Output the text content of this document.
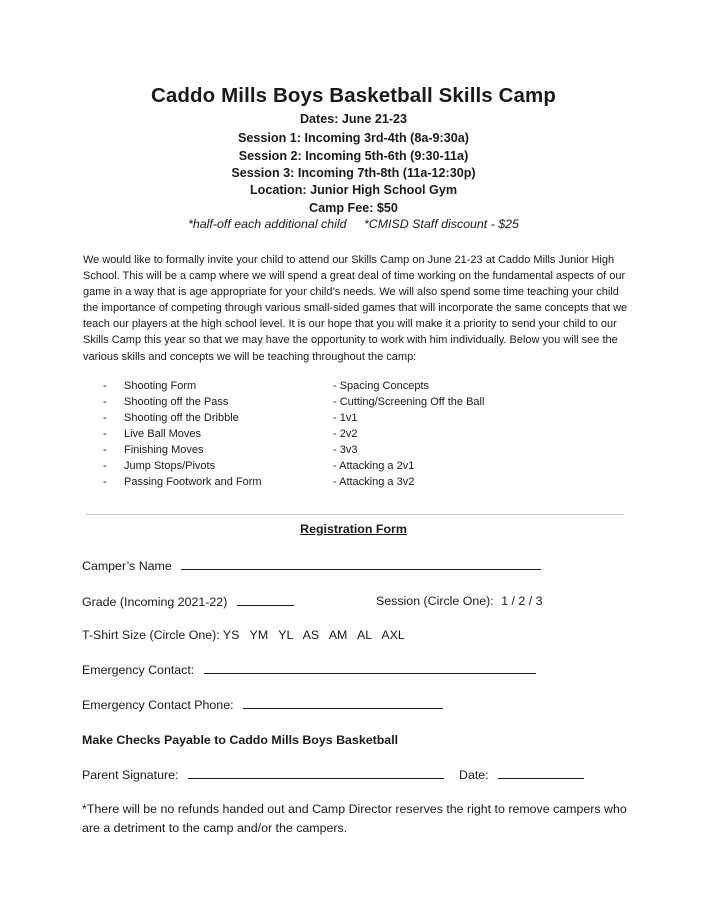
Caddo Mills Boys Basketball Skills Camp
Dates: June 21-23
Session 1: Incoming 3rd-4th (8a-9:30a)
Session 2: Incoming 5th-6th (9:30-11a)
Session 3: Incoming 7th-8th (11a-12:30p)
Location: Junior High School Gym
Camp Fee: $50
*half-off each additional child *CMISD Staff discount - $25
We would like to formally invite your child to attend our Skills Camp on June 21-23 at Caddo Mills Junior High School. This will be a camp where we will spend a great deal of time working on the fundamental aspects of our game in a way that is age appropriate for your child’s needs. We will also spend some time teaching your child the importance of competing through various small-sided games that will incorporate the same concepts that we teach our players at the high school level. It is our hope that you will make it a priority to send your child to our Skills Camp this year so that we may have the opportunity to work with him individually. Below you will see the various skills and concepts we will be teaching throughout the camp:
- Shooting Form
- Shooting off the Pass
- Shooting off the Dribble
- Live Ball Moves
- Finishing Moves
- Jump Stops/Pivots
- Passing Footwork and Form
- Spacing Concepts
- Cutting/Screening Off the Ball
- 1v1
- 2v2
- 3v3
- Attacking a 2v1
- Attacking a 3v2
Registration Form
Camper’s Name
Grade (Incoming 2021-22)	Session (Circle One): 1 / 2 / 3
T-Shirt Size (Circle One): YS   YM   YL   AS   AM   AL   AXL
Emergency Contact:
Emergency Contact Phone:
Make Checks Payable to Caddo Mills Boys Basketball
Parent Signature:	Date:
*There will be no refunds handed out and Camp Director reserves the right to remove campers who are a detriment to the camp and/or the campers.
